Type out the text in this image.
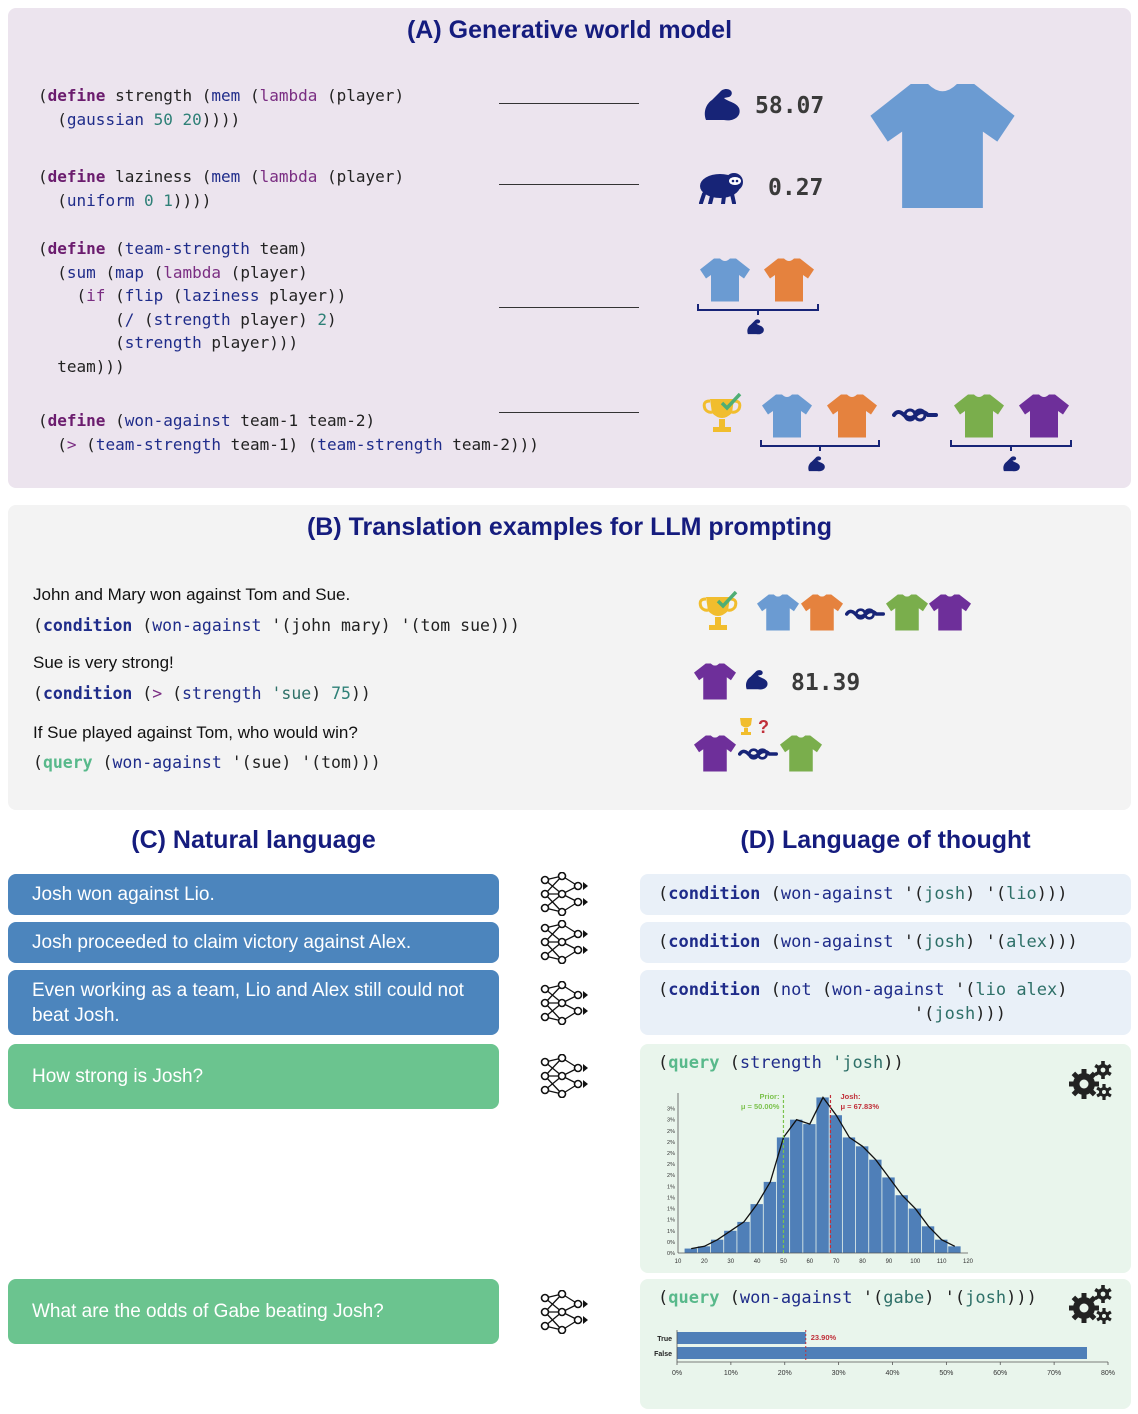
(A) Generative world model
(define strength (mem (lambda (player)
(gaussian 50 20))))
(define laziness (mem (lambda (player)
(uniform 0 1))))
(define (team-strength team)
(sum (map (lambda (player)
(if (flip (laziness player))
(/ (strength player) 2)
(strength player)))
team)))
(define (won-against team-1 team-2)
(> (team-strength team-1) (team-strength team-2)))
58.07
0.27
(B) Translation examples for LLM prompting
John and Mary won against Tom and Sue.
(condition (won-against '(john mary) '(tom sue)))
Sue is very strong!
(condition (> (strength 'sue) 75))
If Sue played against Tom, who would win?
(query (won-against '(sue) '(tom)))
81.39
?
(C) Natural language	(D) Language of thought
Josh won against Lio.
Josh proceeded to claim victory against Alex.
Even working as a team, Lio and Alex still could not beat Josh.
How strong is Josh?
What are the odds of Gabe beating Josh?
(condition (won-against '(josh) '(lio)))
(condition (won-against '(josh) '(alex)))
(condition (not (won-against '(lio alex)
'(josh)))
(query (strength 'josh))
(query (won-against '(gabe) '(josh)))
10	20	30	40	50	60	70	80	90	100	110	120
0%
0%
1%
1%
1%
1%
1%
2%
2%
2%
2%
2%
3%
3%
Prior:
μ = 50.00%
Josh:
μ = 67.83%
True
False
23.90%
0%	10%	20%	30%	40%	50%	60%	70%	80%
